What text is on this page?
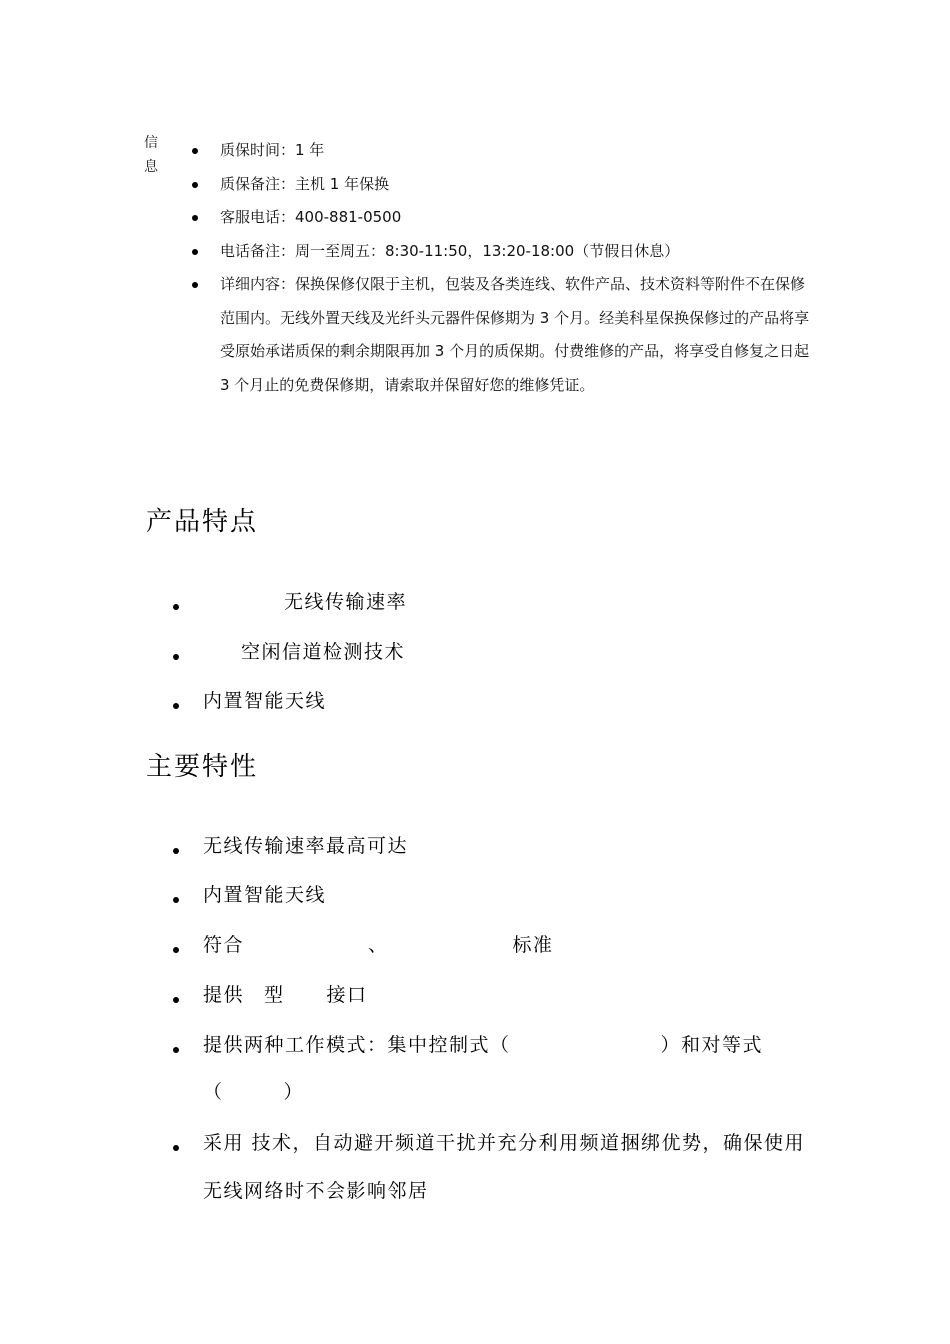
信息
质保时间：1 年
质保备注：主机 1 年保换
客服电话：400-881-0500
电话备注：周一至周五：8:30-11:50，13:20-18:00（节假日休息）
详细内容：保换保修仅限于主机，包装及各类连线、软件产品、技术资料等附件不在保修范围内。无线外置天线及光纤头元器件保修期为 3 个月。经美科星保换保修过的产品将享受原始承诺质保的剩余期限再加 3 个月的质保期。付费维修的产品，将享受自修复之日起 3 个月止的免费保修期，请索取并保留好您的维修凭证。
产品特点
无线传输速率
空闲信道检测技术
内置智能天线
主要特性
无线传输速率最高可达
内置智能天线
符合	、	标准
提供 型 接口
提供两种工作模式：集中控制式（	）和对等式
（	）
采用 技术，自动避开频道干扰并充分利用频道捆绑优势，确保使用无线网络时不会影响邻居
